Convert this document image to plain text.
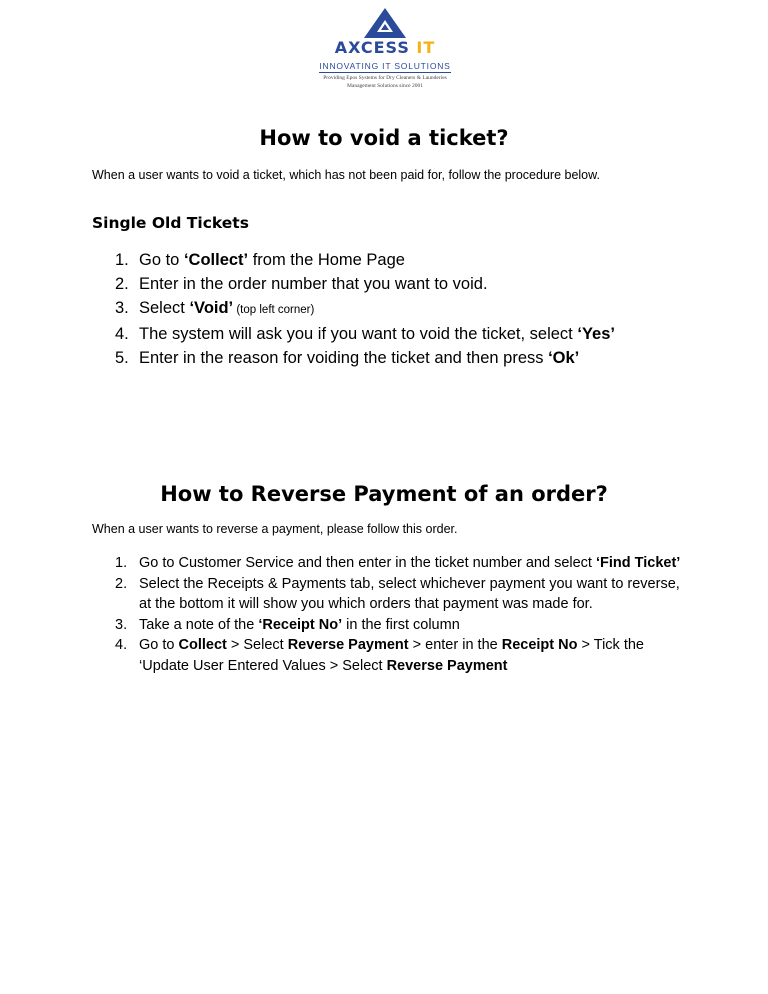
AXCESS IT
INNOVATING IT SOLUTIONS
Providing Epos Systems for Dry Cleaners & Launderies
Management Solutions since 2001
How to void a ticket?

When a user wants to void a ticket, which has not been paid for, follow the procedure below.

Single Old Tickets
1. Go to ‘Collect’ from the Home Page
2. Enter in the order number that you want to void.
3. Select ‘Void’ (top left corner)
4. The system will ask you if you want to void the ticket, select ‘Yes’
5. Enter in the reason for voiding the ticket and then press ‘Ok’
How to Reverse Payment of an order?

When a user wants to reverse a payment, please follow this order.

1. Go to Customer Service and then enter in the ticket number and select ‘Find Ticket’
2. Select the Receipts & Payments tab, select whichever payment you want to reverse, at the bottom it will show you which orders that payment was made for.
3. Take a note of the ‘Receipt No’ in the first column
4. Go to Collect > Select Reverse Payment > enter in the Receipt No > Tick the ‘Update User Entered Values > Select Reverse Payment
